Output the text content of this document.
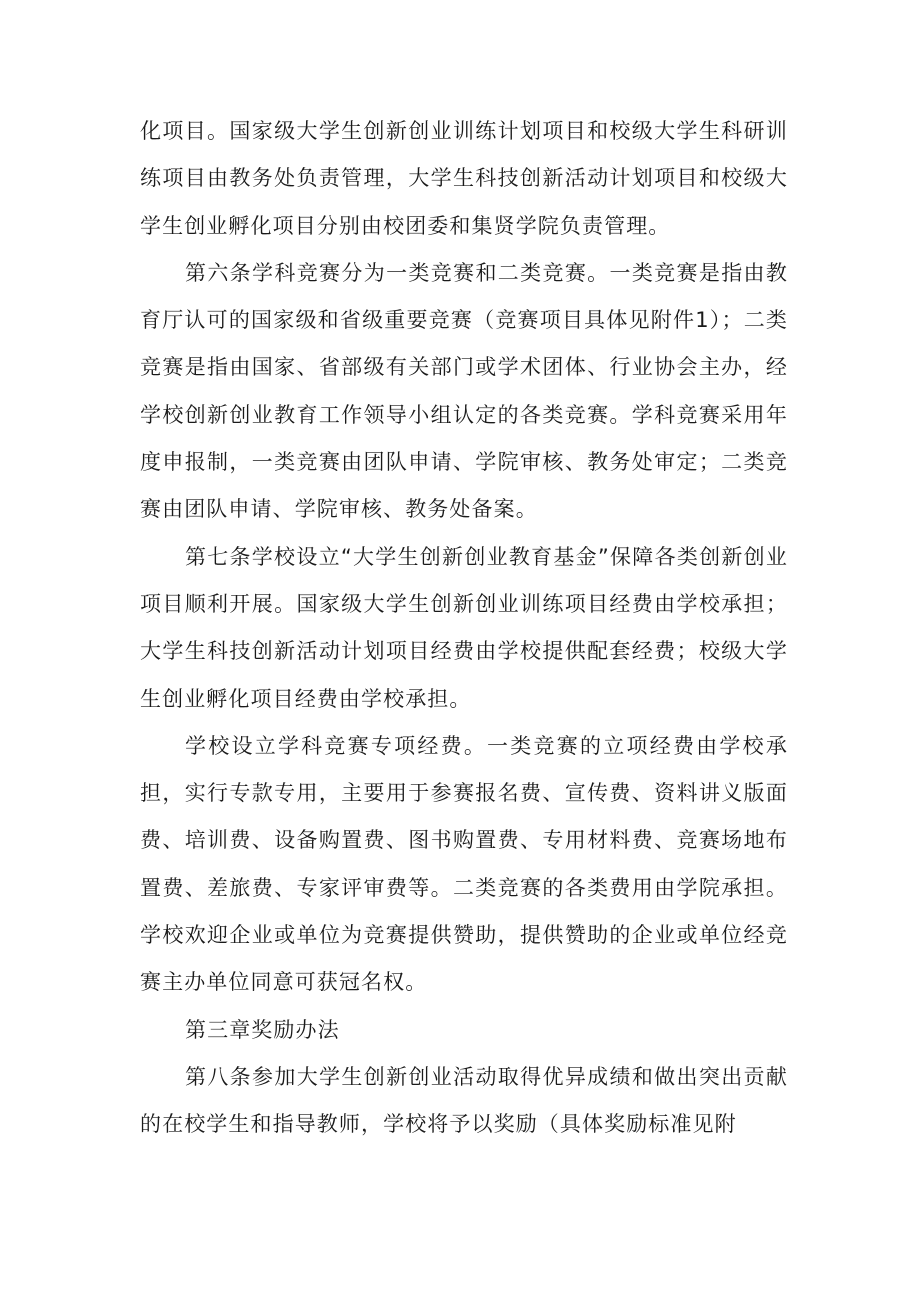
化项目。国家级大学生创新创业训练计划项目和校级大学生科研训练项目由教务处负责管理，大学生科技创新活动计划项目和校级大学生创业孵化项目分别由校团委和集贤学院负责管理。

第六条学科竞赛分为一类竞赛和二类竞赛。一类竞赛是指由教育厅认可的国家级和省级重要竞赛（竞赛项目具体见附件1）；二类竞赛是指由国家、省部级有关部门或学术团体、行业协会主办，经学校创新创业教育工作领导小组认定的各类竞赛。学科竞赛采用年度申报制，一类竞赛由团队申请、学院审核、教务处审定；二类竞赛由团队申请、学院审核、教务处备案。

第七条学校设立“大学生创新创业教育基金”保障各类创新创业项目顺利开展。国家级大学生创新创业训练项目经费由学校承担；大学生科技创新活动计划项目经费由学校提供配套经费；校级大学生创业孵化项目经费由学校承担。

学校设立学科竞赛专项经费。一类竞赛的立项经费由学校承担，实行专款专用，主要用于参赛报名费、宣传费、资料讲义版面费、培训费、设备购置费、图书购置费、专用材料费、竞赛场地布置费、差旅费、专家评审费等。二类竞赛的各类费用由学院承担。学校欢迎企业或单位为竞赛提供赞助，提供赞助的企业或单位经竞赛主办单位同意可获冠名权。

第三章奖励办法

第八条参加大学生创新创业活动取得优异成绩和做出突出贡献的在校学生和指导教师，学校将予以奖励（具体奖励标准见附
